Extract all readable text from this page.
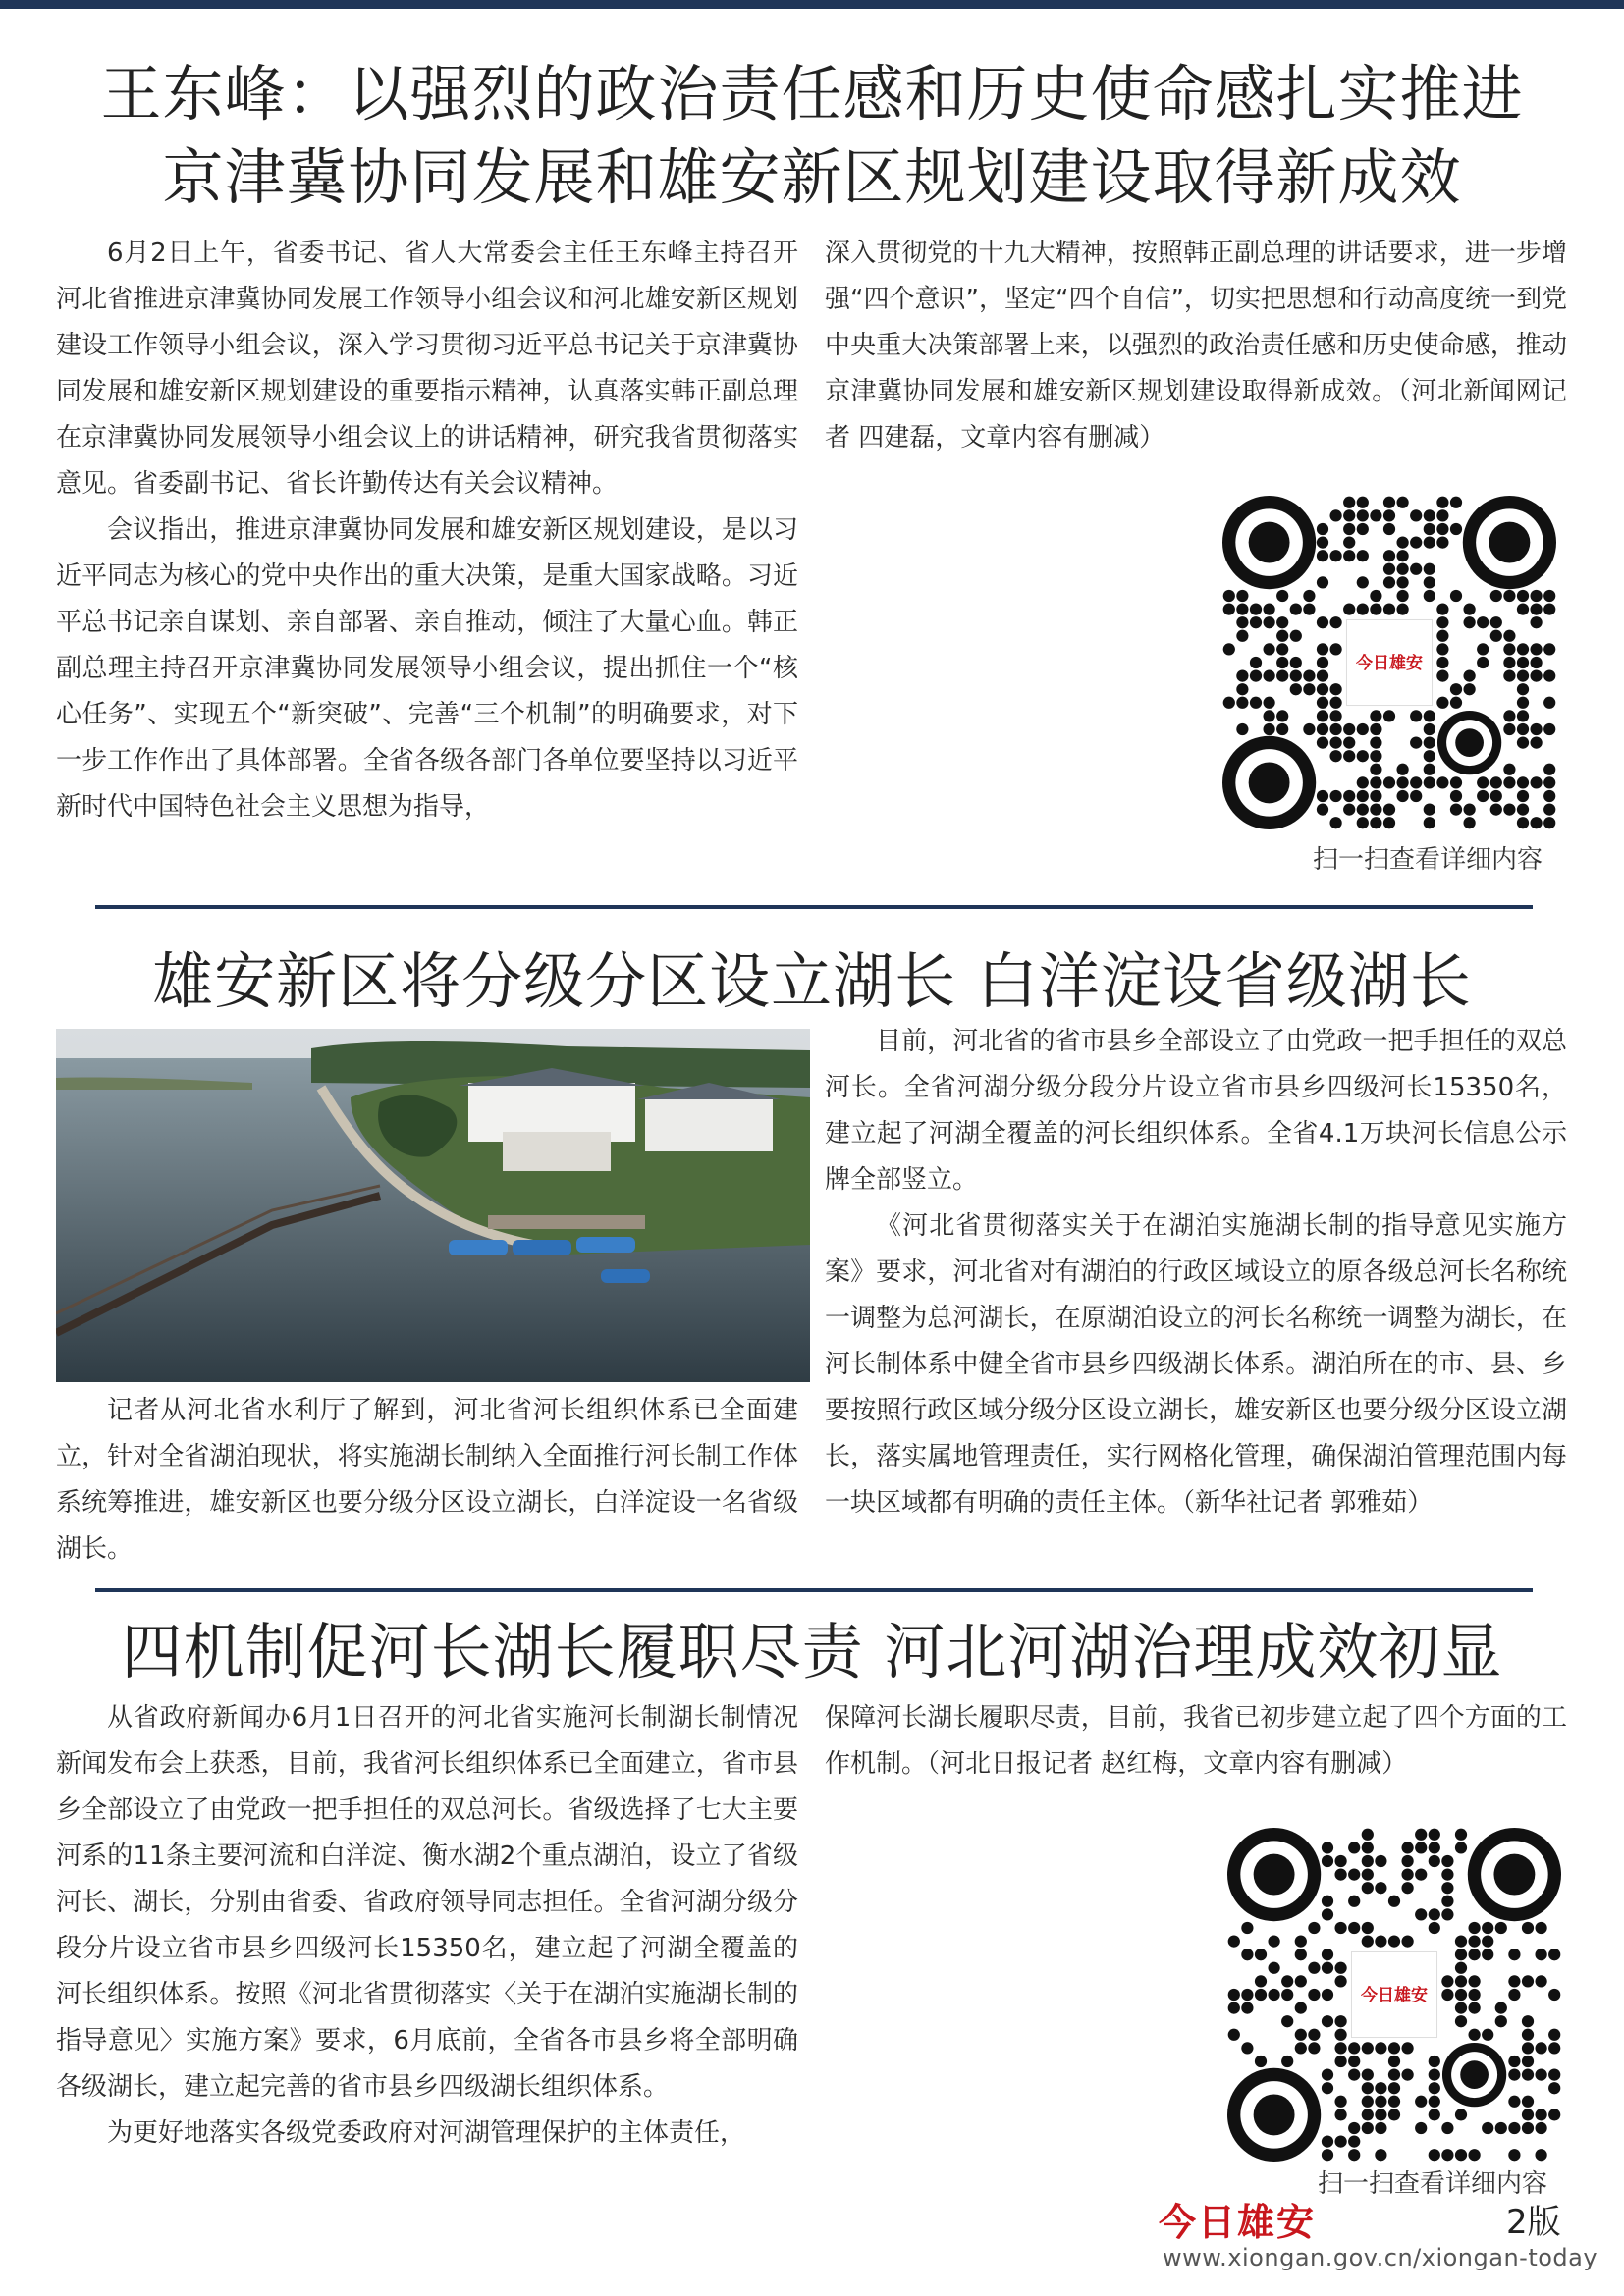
王东峰：以强烈的政治责任感和历史使命感扎实推进
京津冀协同发展和雄安新区规划建设取得新成效

6月2日上午，省委书记、省人大常委会主任王东峰主持召开河北省推进京津冀协同发展工作领导小组会议和河北雄安新区规划建设工作领导小组会议，深入学习贯彻习近平总书记关于京津冀协同发展和雄安新区规划建设的重要指示精神，认真落实韩正副总理在京津冀协同发展领导小组会议上的讲话精神，研究我省贯彻落实意见。省委副书记、省长许勤传达有关会议精神。

会议指出，推进京津冀协同发展和雄安新区规划建设，是以习近平同志为核心的党中央作出的重大决策，是重大国家战略。习近平总书记亲自谋划、亲自部署、亲自推动，倾注了大量心血。韩正副总理主持召开京津冀协同发展领导小组会议，提出抓住一个“核心任务”、实现五个“新突破”、完善“三个机制”的明确要求，对下一步工作作出了具体部署。全省各级各部门各单位要坚持以习近平新时代中国特色社会主义思想为指导，

深入贯彻党的十九大精神，按照韩正副总理的讲话要求，进一步增强“四个意识”，坚定“四个自信”，切实把思想和行动高度统一到党中央重大决策部署上来，以强烈的政治责任感和历史使命感，推动京津冀协同发展和雄安新区规划建设取得新成效。（河北新闻网记者 四建磊，文章内容有删减）

今日雄安
扫一扫查看详细内容
雄安新区将分级分区设立湖长 白洋淀设省级湖长

记者从河北省水利厅了解到，河北省河长组织体系已全面建立，针对全省湖泊现状，将实施湖长制纳入全面推行河长制工作体系统筹推进，雄安新区也要分级分区设立湖长，白洋淀设一名省级湖长。

目前，河北省的省市县乡全部设立了由党政一把手担任的双总河长。全省河湖分级分段分片设立省市县乡四级河长15350名，建立起了河湖全覆盖的河长组织体系。全省4.1万块河长信息公示牌全部竖立。

《河北省贯彻落实关于在湖泊实施湖长制的指导意见实施方案》要求，河北省对有湖泊的行政区域设立的原各级总河长名称统一调整为总河湖长，在原湖泊设立的河长名称统一调整为湖长，在河长制体系中健全省市县乡四级湖长体系。湖泊所在的市、县、乡要按照行政区域分级分区设立湖长，雄安新区也要分级分区设立湖长，落实属地管理责任，实行网格化管理，确保湖泊管理范围内每一块区域都有明确的责任主体。（新华社记者 郭雅茹）

四机制促河长湖长履职尽责 河北河湖治理成效初显

从省政府新闻办6月1日召开的河北省实施河长制湖长制情况新闻发布会上获悉，目前，我省河长组织体系已全面建立，省市县乡全部设立了由党政一把手担任的双总河长。省级选择了七大主要河系的11条主要河流和白洋淀、衡水湖2个重点湖泊，设立了省级河长、湖长，分别由省委、省政府领导同志担任。全省河湖分级分段分片设立省市县乡四级河长15350名，建立起了河湖全覆盖的河长组织体系。按照《河北省贯彻落实〈关于在湖泊实施湖长制的指导意见〉实施方案》要求，6月底前，全省各市县乡将全部明确各级湖长，建立起完善的省市县乡四级湖长组织体系。

为更好地落实各级党委政府对河湖管理保护的主体责任，

保障河长湖长履职尽责，目前，我省已初步建立起了四个方面的工作机制。（河北日报记者 赵红梅，文章内容有删减）

今日雄安
扫一扫查看详细内容
今日雄安	2版
www.xiongan.gov.cn/xiongan-today
